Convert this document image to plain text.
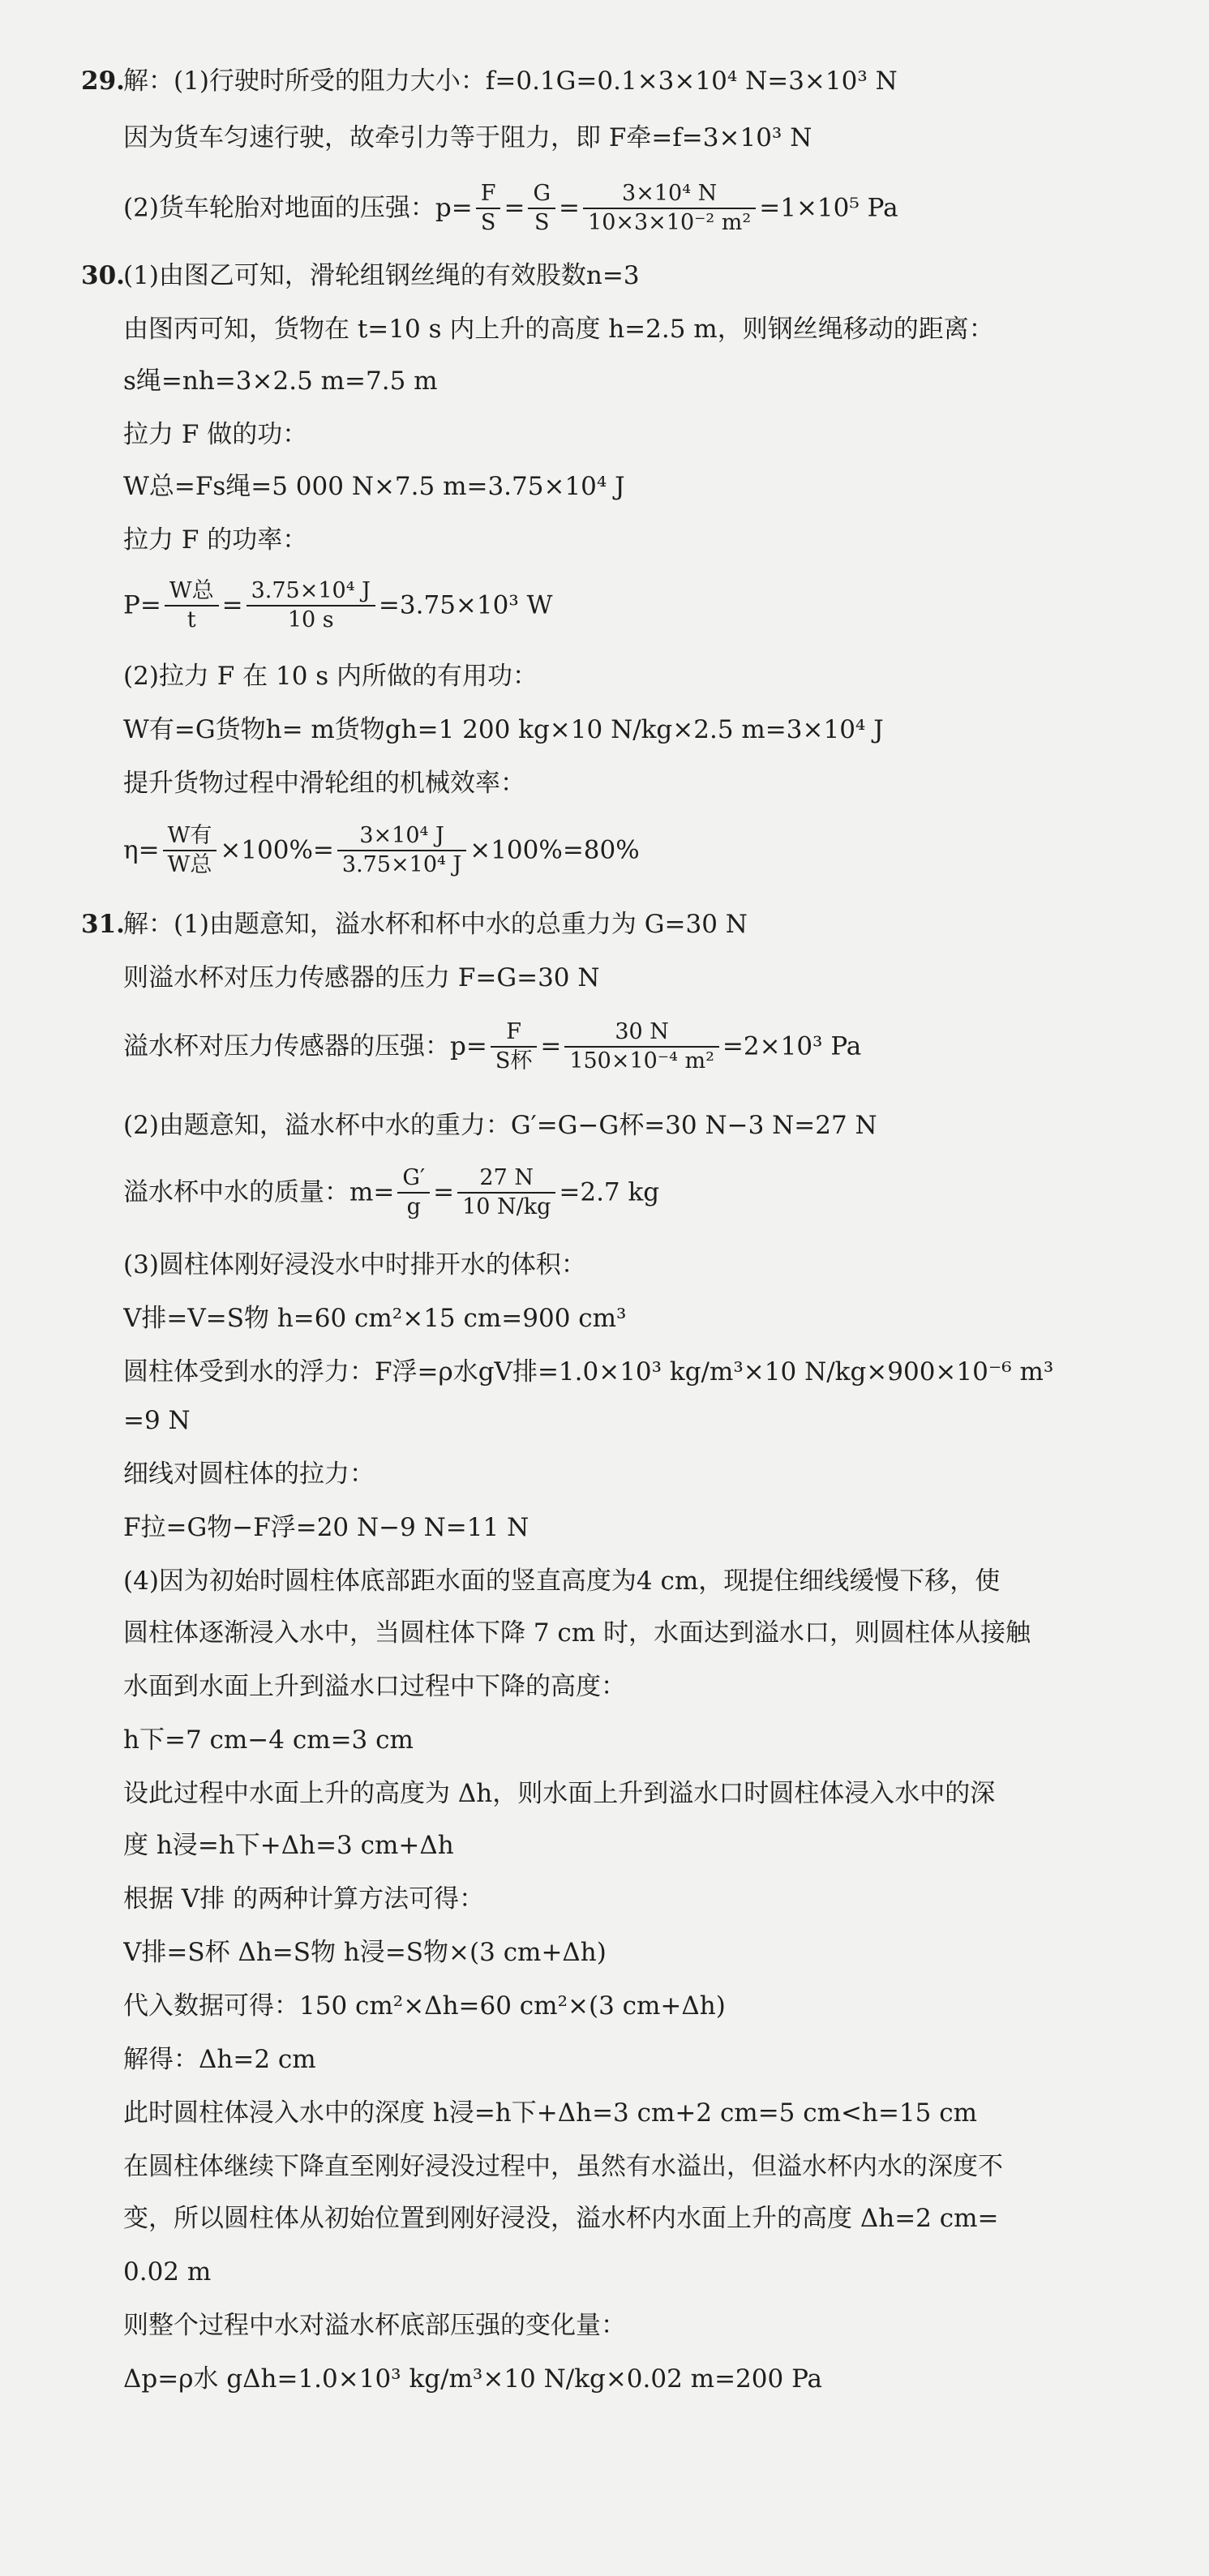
29.
解：(1)行驶时所受的阻力大小：f=0.1G=0.1×3×10⁴ N=3×10³ N
因为货车匀速行驶，故牵引力等于阻力，即 F牵=f=3×10³ N
(2)货车轮胎对地面的压强：$p= \frac{F}{S} = \frac{G}{S} = \frac{\text{3×10⁴ N}}{\text{10×3×10⁻² m²}} =1\times 10^5$ Pa
30.
(1)由图乙可知，滑轮组钢丝绳的有效股数n=3
由图丙可知，货物在 t=10 s 内上升的高度 h=2.5 m，则钢丝绳移动的距离：
s绳=nh=3×2.5 m=7.5 m
拉力 F 做的功：
W总=Fs绳=5 000 N×7.5 m=3.75×10⁴ J
拉力 F 的功率：
$P= \frac{\text{W总}}{t} = \frac{\text{3.75×10⁴ J}}{10 s} =3.75\times 10^3$ W
(2)拉力 F 在 10 s 内所做的有用功：
W有=G货物h= m货物gh=1 200 kg×10 N/kg×2.5 m=3×10⁴ J
提升货物过程中滑轮组的机械效率：
$\eta= \frac{\text{W有}}{\text{W总}} \times 100\%= \frac{\text{3×10⁴ J}}{\text{3.75×10⁴ J}} \times 100\%=80\%$
31.
解：(1)由题意知，溢水杯和杯中水的总重力为 G=30 N
则溢水杯对压力传感器的压力 F=G=30 N
溢水杯对压力传感器的压强：$p= \frac{F}{\text{S杯}} = \frac{30 N}{\text{150×10⁻⁴ m²}} =2\times 10^3$ Pa
(2)由题意知，溢水杯中水的重力：G′=G−G杯=30 N−3 N=27 N
溢水杯中水的质量：$m= \frac{G'}{g} = \frac{27 N}{10 N/kg} =2.7$ kg
(3)圆柱体刚好浸没水中时排开水的体积：
V排=V=S物 h=60 cm²×15 cm=900 cm³
圆柱体受到水的浮力：F浮=ρ水gV排=1.0×10³ kg/m³×10 N/kg×900×10⁻⁶ m³
=9 N
细线对圆柱体的拉力：
F拉=G物−F浮=20 N−9 N=11 N
(4)因为初始时圆柱体底部距水面的竖直高度为4 cm，现提住细线缓慢下移，使
圆柱体逐渐浸入水中，当圆柱体下降 7 cm 时，水面达到溢水口，则圆柱体从接触
水面到水面上升到溢水口过程中下降的高度：
h下=7 cm−4 cm=3 cm
设此过程中水面上升的高度为 Δh，则水面上升到溢水口时圆柱体浸入水中的深
度 h浸=h下+Δh=3 cm+Δh
根据 V排 的两种计算方法可得：
V排=S杯 Δh=S物 h浸=S物×(3 cm+Δh)
代入数据可得：150 cm²×Δh=60 cm²×(3 cm+Δh)
解得：Δh=2 cm
此时圆柱体浸入水中的深度 h浸=h下+Δh=3 cm+2 cm=5 cm<h=15 cm
在圆柱体继续下降直至刚好浸没过程中，虽然有水溢出，但溢水杯内水的深度不
变，所以圆柱体从初始位置到刚好浸没，溢水杯内水面上升的高度 Δh=2 cm=
0.02 m
则整个过程中水对溢水杯底部压强的变化量：
Δp=ρ水 gΔh=1.0×10³ kg/m³×10 N/kg×0.02 m=200 Pa
